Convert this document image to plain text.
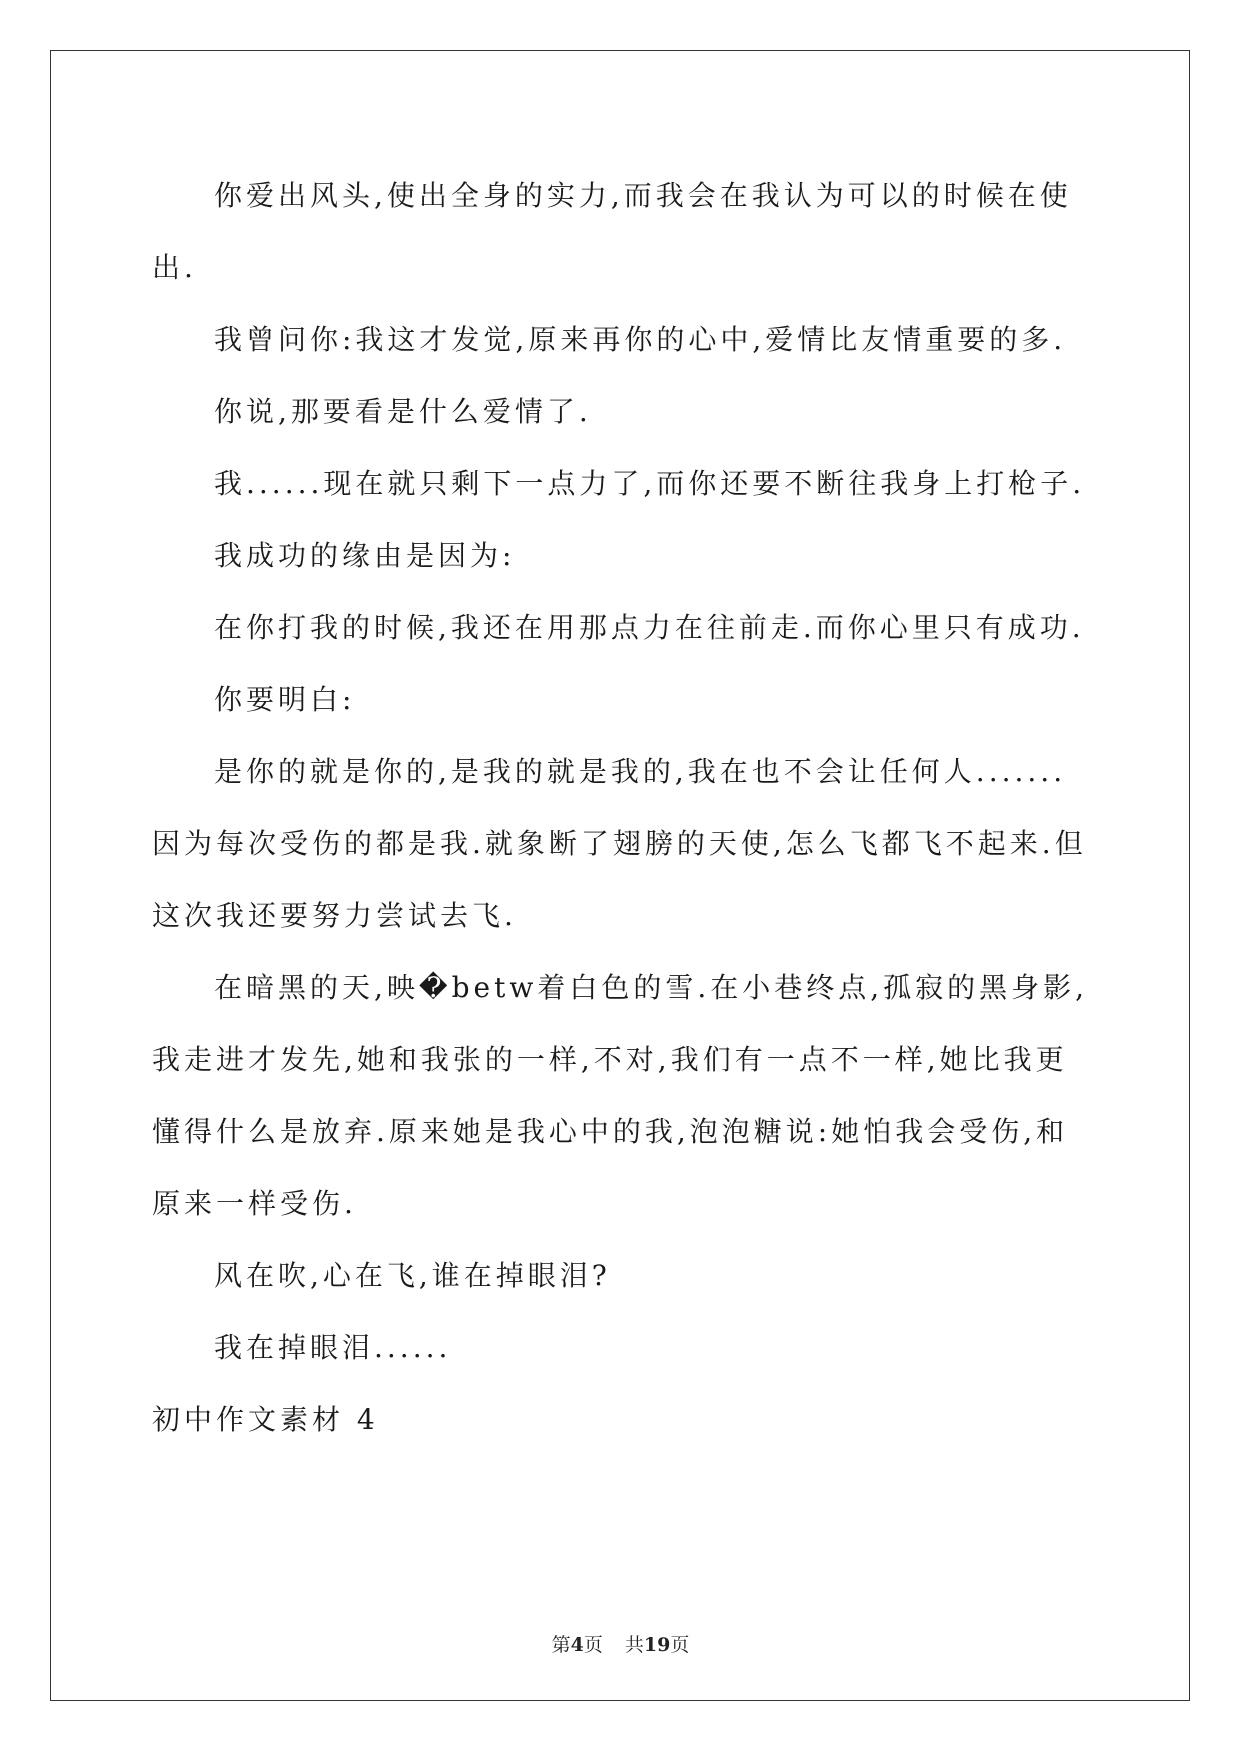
你爱出风头,使出全身的实力,而我会在我认为可以的时候在使出.

我曾问你:我这才发觉,原来再你的心中,爱情比友情重要的多.

你说,那要看是什么爱情了.

我......现在就只剩下一点力了,而你还要不断往我身上打枪子.

我成功的缘由是因为:

在你打我的时候,我还在用那点力在往前走.而你心里只有成功.

你要明白:

是你的就是你的,是我的就是我的,我在也不会让任何人.......因为每次受伤的都是我.就象断了翅膀的天使,怎么飞都飞不起来.但这次我还要努力尝试去飞.

在暗黑的天,映�betw着白色的雪.在小巷终点,孤寂的黑身影,我走进才发先,她和我张的一样,不对,我们有一点不一样,她比我更懂得什么是放弃.原来她是我心中的我,泡泡糖说:她怕我会受伤,和原来一样受伤.

风在吹,心在飞,谁在掉眼泪?

我在掉眼泪......

初中作文素材 4

第4页 共19页
